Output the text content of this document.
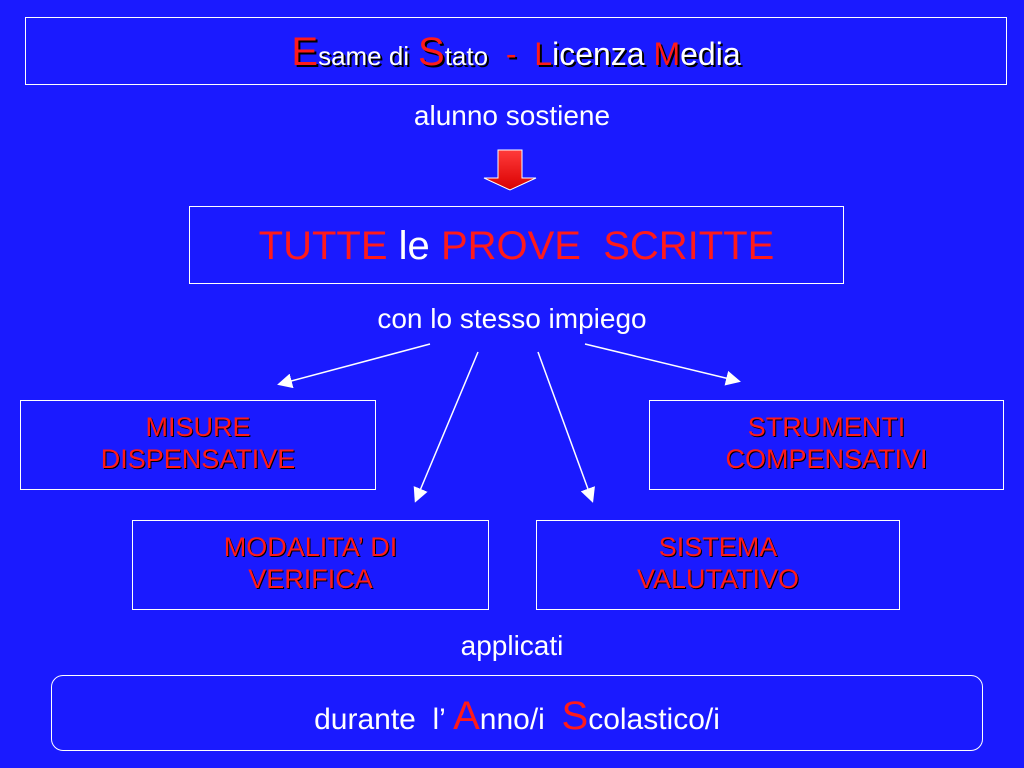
Esame di Stato - Licenza Media
alunno sostiene
TUTTE le PROVE  SCRITTE
con lo stesso impiego
MISURE
DISPENSATIVE
STRUMENTI
COMPENSATIVI
MODALITA’ DI
VERIFICA
SISTEMA
VALUTATIVO
applicati
durante  l’ Anno/i Scolastico/i
